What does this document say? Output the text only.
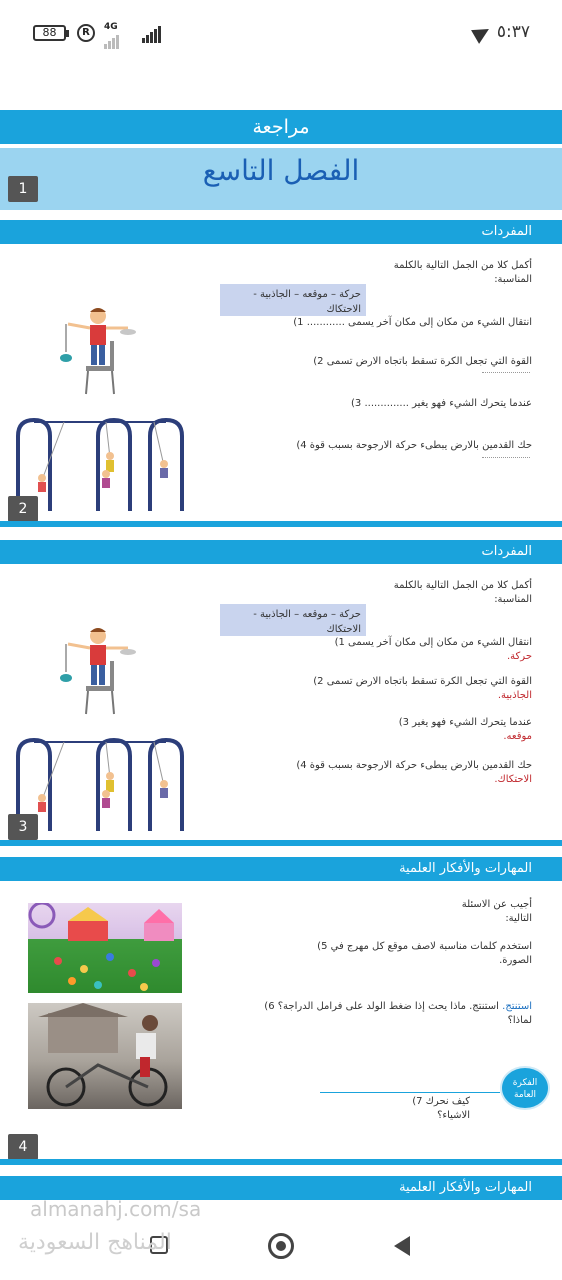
88	R	4G	٥:٣٧
مراجعة
الفصل التاسع
1
المفردات
أكمل كلا من الجمل التالية بالكلمة
المناسبة:
حركة – موقعه – الجاذبية -
الاحتكاك
انتقال الشيء من مكان إلى مكان آخر يسمى ............ 1)
القوة التي تجعل الكرة تسقط باتجاه الارض تسمى 2)
عندما يتحرك الشيء فهو يغير .............. 3)
حك القدمين بالارض يبطىء حركة الارجوحة بسبب قوة 4)
2
المفردات
أكمل كلا من الجمل التالية بالكلمة
المناسبة:
حركة – موقعه – الجاذبية -
الاحتكاك
انتقال الشيء من مكان إلى مكان آخر يسمى 1)
حركة.
القوة التي تجعل الكرة تسقط باتجاه الارض تسمى 2)
الجاذبية.
عندما يتحرك الشيء فهو يغير 3)
موقعه.
حك القدمين بالارض يبطىء حركة الارجوحة بسبب قوة 4)
الاحتكاك.
3
المهارات والأفكار العلمية
أجيب عن الاسئلة
التالية:
استخدم كلمات مناسبة لاصف موقع كل مهرج في 5)
الصورة.
استنتج. استنتج. ماذا يحث إذا ضغط الولد على فرامل الدراجة؟ 6)
لماذا؟
الفكرة
العامة
كيف نحرك 7)
الاشياء؟
4
المهارات والأفكار العلمية
almanahj.com/sa
المناهج السعودية
